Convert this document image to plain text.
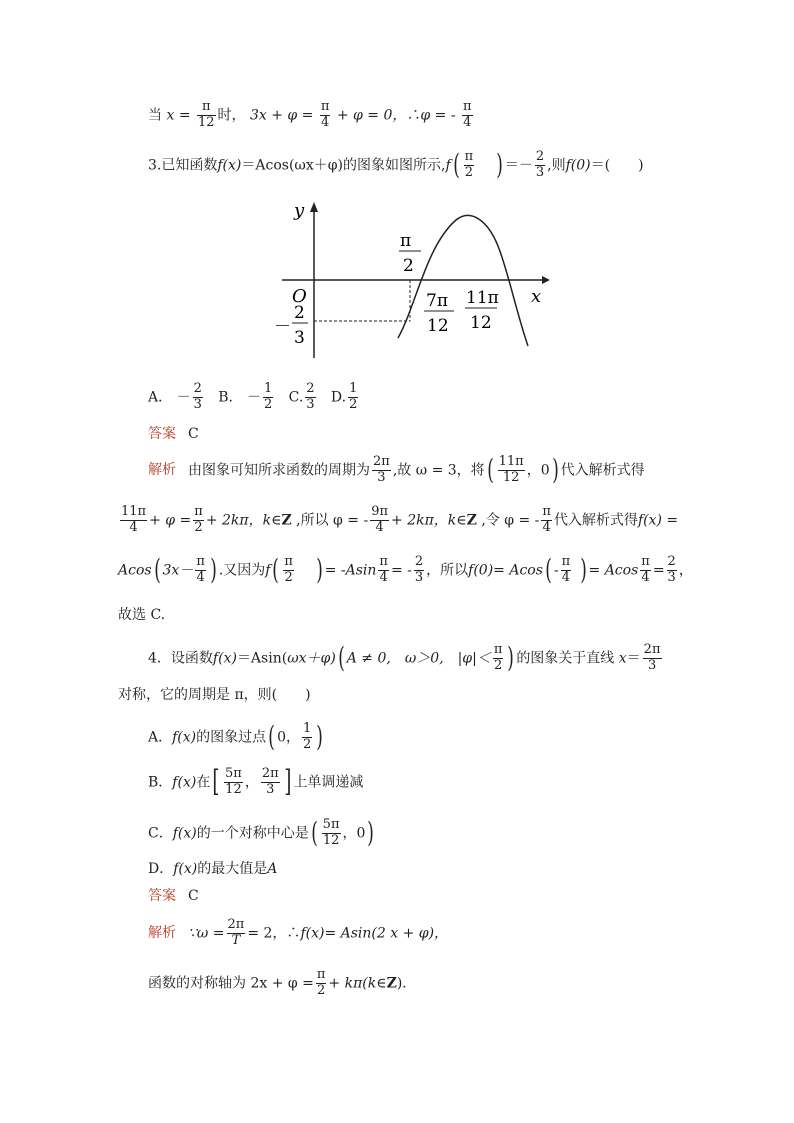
当 $x = \frac{\pi}{12}$ 时， $3x + \varphi = \frac{\pi}{4} + \varphi = 0$，∴φ = - $\frac{\pi}{4}$
3.已知函数f(x)＝Acos(ωx＋φ)的图象如图所示$,f( \frac{\pi}{2}$ ) ＝－ $\frac{2}{3}$ ,则f(0)＝(　　)
y
x
O
π
2
7π
12
11π
12
－
2
3
A． － $\frac{2}{3}$ B． － $\frac{1}{2} C$. $\frac{2}{3} D$. $\frac{1}{2}$
答案 C
解析 由图象可知所求函数的周期为 $\frac{2\pi}{3}$ ,故 ω = 3，将( $\frac{11\pi}{12}$ ，0) 代入解析式得
$\frac{11\pi}{4} + \varphi = \frac{\pi}{2} + 2k\pi$，k∈Z ,所以 φ = - $\frac{9\pi}{4} + 2k\pi$，k∈Z ,令 φ = - $\frac{\pi}{4}$ 代入解析式得f(x) =
Acos( $3x- \frac{\pi}{4}$ ) .又因为$f( \frac{\pi}{2}$ ) = $-Asin \frac{\pi}{4}$ = - $\frac{2}{3}$ ，所以$f(0)= Acos( - \frac{\pi}{4}$ ) = Acos $\frac{\pi}{4} = \frac{2}{3}$ ，
故选 C.
4．设函数f(x)＝Asin(ωx＋φ)( A ≠ 0,　ω＞0,　$|\varphi|< \frac{\pi}{2}$ ) 的图象关于直线 $x= \frac{2\pi}{3}$
对称，它的周期是 π，则(　　)
A．f(x)的图象过点( 0， $\frac{1}{2}$ )
B．f(x)在[ $\frac{5\pi}{12}$ ， $\frac{2\pi}{3}$ ] 上单调递减
C．f(x)的一个对称中心是( $\frac{5\pi}{12}$ ，0)
D．f(x)的最大值是A
答案 C
解析 ∵ω = $\frac{2\pi}{T} = 2$，∴f(x)= Asin(2 x + φ)，
函数的对称轴为 $2x + \varphi = \frac{\pi}{2}$ + kπ(k∈Z)．
